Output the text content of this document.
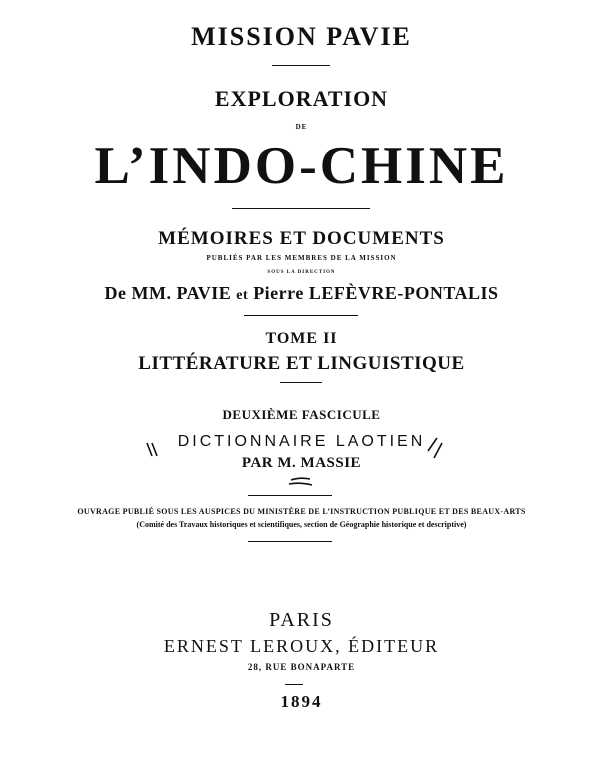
MISSION PAVIE
EXPLORATION
DE
L’INDO-CHINE
MÉMOIRES ET DOCUMENTS
PUBLIÉS PAR LES MEMBRES DE LA MISSION
SOUS LA DIRECTION
De MM. PAVIE et Pierre LEFÈVRE-PONTALIS
TOME II
LITTÉRATURE ET LINGUISTIQUE
DEUXIÈME FASCICULE
DICTIONNAIRE LAOTIEN
PAR M. MASSIE
OUVRAGE PUBLIÉ SOUS LES AUSPICES DU MINISTÈRE DE L’INSTRUCTION PUBLIQUE ET DES BEAUX-ARTS
(Comité des Travaux historiques et scientifiques, section de Géographie historique et descriptive)
PARIS
ERNEST LEROUX, ÉDITEUR
28, RUE BONAPARTE
1894
